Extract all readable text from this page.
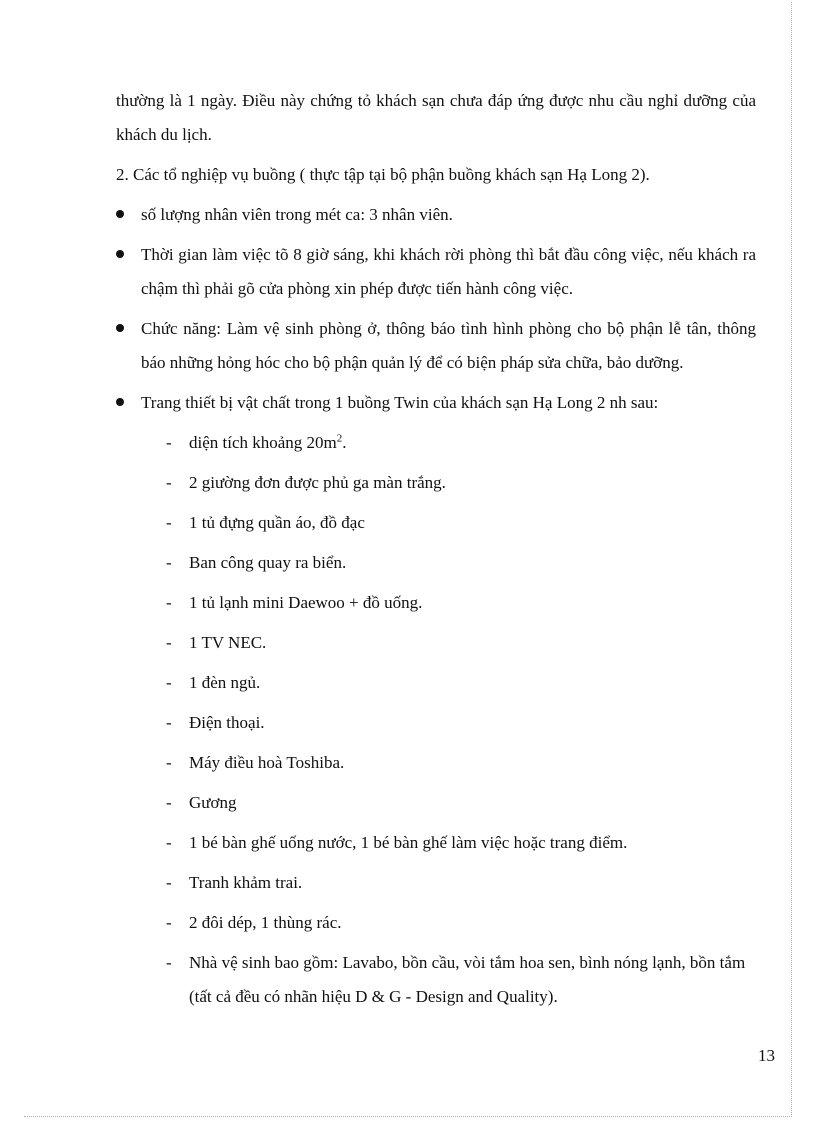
thường là 1 ngày. Điều này chứng tỏ khách sạn chưa đáp ứng được nhu cầu nghỉ dưỡng của khách du lịch.

2. Các tổ nghiệp vụ buồng ( thực tập tại bộ phận buồng khách sạn Hạ Long 2).

số lượng nhân viên trong mét ca: 3 nhân viên.
Thời gian làm việc tõ 8 giờ sáng, khi khách rời phòng thì bắt đầu công việc, nếu khách ra chậm thì phải gõ cửa phòng xin phép được tiến hành công việc.
Chức năng: Làm vệ sinh phòng ở, thông báo tình hình phòng cho bộ phận lễ tân, thông báo những hỏng hóc cho bộ phận quản lý để có biện pháp sửa chữa, bảo dưỡng.
Trang thiết bị vật chất trong 1 buồng Twin của khách sạn Hạ Long 2 nh sau:
- diện tích khoảng $20m^2$.
- 2 giường đơn được phủ ga màn trắng.
- 1 tủ đựng quần áo, đồ đạc
- Ban công quay ra biển.
- 1 tủ lạnh mini Daewoo + đồ uống.
- 1 TV NEC.
- 1 đèn ngủ.
- Điện thoại.
- Máy điều hoà Toshiba.
- Gương
- 1 bé bàn ghế uống nước, 1 bé bàn ghế làm việc hoặc trang điểm.
- Tranh khảm trai.
- 2 đôi dép, 1 thùng rác.
- Nhà vệ sinh bao gồm: Lavabo, bồn cầu, vòi tắm hoa sen, bình nóng lạnh, bồn tắm (tất cả đều có nhãn hiệu D & G - Design and Quality).
13
